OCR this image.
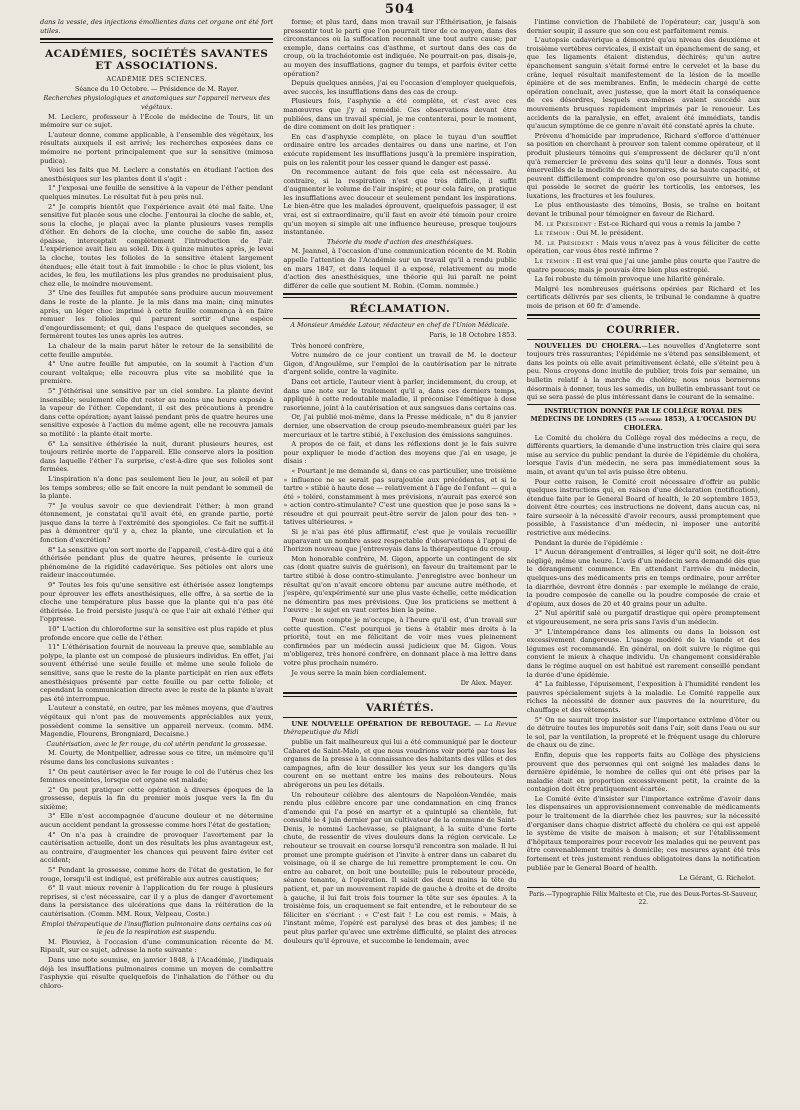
504

dans la vessie, des injections émollientes dans cet organe ont été fort utiles.

ACADÉMIES, SOCIÉTÉS SAVANTES ET ASSOCIATIONS.
ACADÉMIE DES SCIENCES.
Séance du 10 Octobre. — Présidence de M. Rayer.
Recherches physiologiques et anatomiques sur l'appareil nerveux des végétaux.

M. Leclerc, professeur à l'École de médecine de Tours, lit un mémoire sur ce sujet.

L'auteur donne, comme applicable, à l'ensemble des végétaux, les résultats auxquels il est arrivé; les recherches exposées dans ce mémoire ne portent principalement que sur la sensitive (mimosa pudica).

Voici les faits que M. Leclerc a constatés en étudiant l'action des anesthésiques sur les plantes dont il s'agit :

1° J'exposai une feuille de sensitive à la vapeur de l'éther pendant quelques minutes. Le résultat fut à peu près nul.

2° Je compris bientôt que l'expérience avait été mal faite. Une sensitive fut placée sous une cloche. J'entourai la cloche de sable, et, sous la cloche, je plaçai avec la plante plusieurs vases remplis d'éther. En dehors de la cloche, une couche de sable fin, assez épaisse, interceptait complètement l'introduction de l'air. L'expérience avait lieu au soleil. Dix à quinze minutes après, je levai la cloche, toutes les folioles de la sensitive étaient largement étendues; elle était tout à fait immobile : le choc le plus violent, les acides, le feu, les mutilations les plus grandes ne produisaient plus, chez elle, le moindre mouvement.

3° Une des feuilles fut amputée sans produire aucun mouvement dans le reste de la plante. Je la mis dans ma main; cinq minutes après, un léger choc imprimé à cette feuille commença à en faire remuer les folioles qui parurent sortir d'une espèce d'engourdissement; et qui, dans l'espace de quelques secondes, se fermèrent toutes les unes après les autres.

La chaleur de la main parut hâter le retour de la sensibilité de cette feuille amputée.

4° Une autre feuille fut amputée, on la soumit à l'action d'un courant voltaïque; elle recouvra plus vite sa mobilité que la première.

5° J'éthérisai une sensitive par un ciel sombre. La plante devint insensible; seulement elle dut rester au moins une heure exposée à la vapeur de l'éther. Cependant, il est des précautions à prendre dans cette opération; ayant laissé pendant près de quatre heures une sensitive exposée à l'action du même agent, elle ne recouvra jamais sa motilité : la plante était morte.

6° La sensitive éthérisée la nuit, durant plusieurs heures, est toujours retirée morte de l'appareil. Elle conserve alors la position dans laquelle l'éther l'a surprise, c'est-à-dire que ses folioles sont fermées.

L'inspiration n'a donc pas seulement lieu le jour, au soleil et par les temps sombres; elle se fait encore la nuit pendant le sommeil de la plante.

7° Je voulus savoir ce que deviendrait l'éther; à mon grand étonnement, je constatai qu'il avait été, en grande partie, porté jusque dans la terre à l'extrémité des spongioles. Ce fait ne suffit-il pas à démontrer qu'il y a, chez la plante, une circulation et la fonction d'excrétion?

8° La sensitive qu'on sort morte de l'appareil, c'est-à-dire qui a été éthérisée pendant plus de quatre heures, présente le curieux phénomène de la rigidité cadavérique. Ses pétioles ont alors une raideur inaccoutumée.

9° Toutes les fois qu'une sensitive est éthérisée assez longtemps pour éprouver les effets anesthésiques, elle offre, à sa sortie de la cloche une température plus basse que la plante qui n'a pas été éthérisée. Le froid persiste jusqu'à ce que l'air ait exhalé l'éther qui l'oppresse.

10° L'action du chloroforme sur la sensitive est plus rapide et plus profonde encore que celle de l'éther.

11° L'éthérisation fournit de nouveau la preuve que, semblable au polype, la plante est un composé de plusieurs individus. En effet, j'ai souvent éthérisé une seule feuille et même une seule foliole de sensitive, sans que le reste de la plante participât en rien aux effets anesthésiques présenté par cette feuille ou par cette foliole; et cependant la communication directe avec le reste de la plante n'avait pas été interrompue.

L'auteur a constaté, en outre, par les mêmes moyens, que d'autres végétaux qui n'ont pas de mouvements appréciables aux yeux, possèdent comme la sensitive un appareil nerveux. (comm. MM. Magendie, Flourens, Brongniard, Decaisne.)

Cautérisation, avec le fer rouge, du col utérin pendant la grossesse.

M. Courty, de Montpellier, adresse sous ce titre, un mémoire qu'il résume dans les conclusions suivantes :

1° On peut cautériser avec le fer rouge le col de l'utérus chez les femmes enceintes, lorsque cet organe est malade;

2° On peut pratiquer cette opération à diverses époques de la grossesse, depuis la fin du premier mois jusque vers la fin du sixième;

3° Elle n'est accompagnée d'aucune douleur et ne détermine aucun accident pendant la grossesse comme hors l'état de gestation;

4° On n'a pas à craindre de provoquer l'avortement par la cautérisation actuelle, dont un des résultats les plus avantageux est, au contraire, d'augmenter les chances qui peuvent faire éviter cet accident;

5° Pendant la grossesse, comme hors de l'état de gestation, le fer rouge, lorsqu'il est indiqué, est préférable aux autres caustiques;

6° Il vaut mieux revenir à l'application du fer rouge à plusieurs reprises, si c'est nécessaire, car il y a plus de danger d'avortement dans la persistance des ulcérations que dans la réitération de la cautérisation. (Comm. MM. Roux, Velpeau, Coste.)

Emploi thérapeutique de l'insufflation pulmonaire dans certains cas où le jeu de la respiration est suspendu.

M. Plouviez, à l'occasion d'une communication récente de M. Ripault, sur ce sujet, adresse la note suivante :

Dans une note soumise, en janvier 1848, à l'Académie, j'indiquais déjà les insufflations pulmonaires comme un moyen de combattre l'asphyxie qui résulte quelquefois de l'inhalation de l'éther ou du chloro-

forme; et plus tard, dans mon travail sur l'Éthérisation, je faisais pressentir tout le parti que l'on pourrait tirer de ce moyen, dans des circonstances où la suffocation reconnaît une tout autre cause; par exemple, dans certains cas d'asthme, et surtout dans des cas de croup, où la trachéotomie est indiquée. Ne pourrait-on pas, disais-je, au moyen des insufflations, gagner du temps, et parfois éviter cette opération?

Depuis quelques années, j'ai eu l'occasion d'employer quelquefois, avec succès, les insufflations dans des cas de croup.

Plusieurs fois, l'asphyxie a été complète, et c'est avec ces manœuvres que j'y ai remédié. Ces observations devant être publiées, dans un travail spécial, je me contenterai, pour le moment, de dire comment on doit les pratiquer :

En cas d'asphyxie complète, on place le tuyau d'un soufflet ordinaire entre les arcades dentaires ou dans une narine, et l'on exécute rapidement les insufflations jusqu'à la première inspiration, puis on les ralentit pour les cesser quand le danger est passé.

On recommence autant de fois que cela est nécessaire. Au contraire, si la respiration n'est que très difficile, il suffit d'augmenter le volume de l'air inspiré; et pour cela faire, on pratique les insufflations avec douceur et seulement pendant les inspirations. Le bien-être que les malades éprouvent, quelquefois passager, il est vrai, est si extraordinaire, qu'il faut en avoir été témoin pour croire qu'un moyen si simple ait une influence heureuse, presque toujours instantanée.

Théorie du mode d'action des anesthésiques.

M. Jeannel, à l'occasion d'une communication récente de M. Robin appelle l'attention de l'Académie sur un travail qu'il a rendu public en mars 1847, et dans lequel il a exposé, relativement au mode d'action des anesthésiques, une théorie qui lui paraît ne point différer de celle que soutient M. Robin. (Comm. nommée.)

RÉCLAMATION.
A Monsieur Amédée Latour, rédacteur en chef de l'Union Médicale.
Paris, le 18 Octobre 1853.

Très honoré confrère,

Votre numéro de ce jour contient un travail de M. le docteur Gigon, d'Angoulême, sur l'emploi de la cautérisation par le nitrate d'argent solide, contre la vaginite.

Dans cet article, l'auteur vient à parler, incidemment, du croup, et dans une note sur le traitement qu'il a, dans ces derniers temps, appliqué à cette redoutable maladie, il préconise l'émétique à dose rasorienne, joint à la cautérisation et aux sangsues dans certains cas.

Or, j'ai publié moi-même, dans la Presse médicale, n° du 8 janvier dernier, une observation de croup pseudo-membraneux guéri par les mercuriaux et le tartre stibié, à l'exclusion des émissions sanguines.

A propos de ce fait, et dans les réflexions dont je le fais suivre pour expliquer le mode d'action des moyens que j'ai en usage, je disais :

« Pourtant je me demande si, dans ce cas particulier, une troisième » influence ne se serait pas surajoutée aux précédentes, et si le tartre » stibié à haute dose — relativement à l'âge de l'enfant — qui a été » toléré, constamment à mes prévisions, n'aurait pas exercé son » action contro-stimulante? C'est une question que je pose sans la » résoudre et qui pourrait peut-être servir de jalon pour des ten- » tatives ultérieures. »

Si je n'ai pas été plus affirmatif, c'est que je voulais recueillir auparavant un nombre assez respectable d'observations à l'appui de l'horizon nouveau que j'entrevoyais dans la thérapeutique du croup.

Mon honorable confrère, M. Gigon, apporte un contingent de six cas (dont quatre suivis de guérison), en faveur du traitement par le tartre stibié à dose contro-stimulante. J'enregistre avec bonheur un résultat qu'on n'avait encore obtenu par aucune autre méthode, et j'espère, qu'expérimenté sur une plus vaste échelle, cette médication ne démentira pas mes prévisions. Que les praticiens se mettent à l'œuvre : le sujet en vaut certes bien la peine.

Pour mon compte je m'occupe, à l'heure qu'il est, d'un travail sur cette question. C'est pourquoi je tiens à établir mes droits à la priorité, tout en me félicitant de voir mes vues pleinement confirmées par un médecin aussi judicieux que M. Gigon. Vous m'obligerez, très honoré confrère, en donnant place à ma lettre dans votre plus prochain numéro.

Je vous serre la main bien cordialement.

Dr Alex. Mayer.
VARIÉTÉS.

UNE NOUVELLE OPÉRATION DE REBOUTAGE. — La Revue thérapeutique du Midi

publie un fait malheureux qui lui a été communiqué par le docteur Cabaret de Saint-Malo, et que nous voudrions voir porté par tous les organes de la presse à la connaissance des habitants des villes et des campagnes, afin de leur dessiller les yeux sur les dangers qu'ils courent en se mettant entre les mains des rebouteurs. Nous abrégerons un peu les détails.

Un rebouteur célèbre des alentours de Napoléon-Vendée, mais rendu plus célèbre encore par une condamnation en cinq francs d'amende qui l'a posé en martyr et a quintuplé sa clientèle, fut consulté le 4 juin dernier par un cultivateur de la commune de Saint-Denis, le nommé Lachevasse, se plaignant, à la suite d'une forte chute, de ressentir de vives douleurs dans la région cervicale. Le rebouteur se trouvait en course lorsqu'il rencontra son malade. Il lui promet une prompte guérison et l'invite à entrer dans un cabaret du voisinage, où il se charge de lui remettre promptement le cou. On entre au cabaret, on boit une bouteille; puis le rebouteur procède, séance tenante, à l'opération. Il saisit des deux mains la tête du patient, et, par un mouvement rapide de gauche à droite et de droite à gauche, il lui fait trois fois tourner la tête sur ses épaules. A la troisième fois, un craquement se fait entendre, et le rebouteur de se féliciter en s'écriant : « C'est fait ! Le cou est remis. » Mais, à l'instant même, l'opéré est paralysé des bras et des jambes; il ne peut plus parler qu'avec une extrême difficulté, se plaint des atroces douleurs qu'il éprouve, et succombe le lendemain, avec

l'intime conviction de l'habileté de l'opérateur; car, jusqu'à son dernier soupir, il assure que son cou est parfaitement remis.

L'autopsie cadavérique a démontré qu'au niveau des deuxième et troisième vertèbres cervicales, il existait un épanchement de sang, et que les ligaments étaient distendus, déchirés; qu'un autre épanchement sanguin s'était formé entre le cervelet et la base du crâne, lequel résultait manifestement de la lésion de la moelle épinière et de ses membranes. Enfin, le médecin chargé de cette opération concluait, avec justesse, que la mort était la conséquence de ces désordres, lesquels eux-mêmes avaient succédé aux mouvements brusques rapidement imprimés par le renoueur. Les accidents de la paralysie, en effet, avaient été immédiats, tandis qu'aucun symptôme de ce genre n'avait été constaté après la chute.

Prévenu d'homicide par imprudence, Richard s'efforce d'atténuer sa position en cherchant à prouver son talent comme opérateur, et il produit plusieurs témoins qui s'empressent de déclarer qu'il n'ont qu'à remercier le prévenu des soins qu'il leur a donnés. Tous sont émerveillés de la modicité de ses honoraires, de sa haute capacité, et peuvent difficilement comprendre qu'on ose poursuivre un homme qui possède le secret de guérir les torticolis, les entorses, les luxations, les fractures et les foulures.

Le plus enthousiaste des témoins, Bosis, se traîne en boitant devant le tribunal pour témoigner en faveur de Richard.

M. le Président : Est-ce Richard qui vous a remis la jambe ?

Le témoin : Oui M. le président.

M. le Président : Mais vous n'avez pas à vous féliciter de cette opération, car vous êtes resté infirme ?

Le témoin : Il est vrai que j'ai une jambe plus courte que l'autre de quatre pouces; mais je pouvais être bien plus estropié.

La foi robuste du témoin provoque une hilarité générale.

Malgré les nombreuses guérisons opérées par Richard et les certificats délivrés par ses clients, le tribunal le condamne à quatre mois de prison et 60 fr. d'amende.

COURRIER.

NOUVELLES DU CHOLÉRA.—Les nouvelles d'Angleterre sont toujours très rassurantes; l'épidémie ne s'étend pas sensiblement, et dans les points où elle avait primitivement éclaté, elle s'éteint peu à peu. Nous croyons donc inutile de publier, trois fois par semaine, un bulletin relatif à la marche du choléra; nous nous bornerons désormais à donner, tous les samedis, un bulletin embrassant tout ce qui se sera passé de plus intéressant dans le courant de la semaine.

INSTRUCTION DONNÉE PAR LE COLLÈGE ROYAL DES MÉDECINS DE LONDRES (15 octobre 1853), A L'OCCASION DU CHOLÉRA.

Le Comité du choléra du Collège royal des médecins a reçu, de différents quartiers, la demande d'une instruction très claire qui sera mise au service du public pendant la durée de l'épidémie du choléra, lorsque l'avis d'un médecin, ne sera pas immédiatement sous la main, et avant qu'un tel avis puisse être obtenu.

Pour cette raison, le Comité croit nécessaire d'offrir au public quelques instructions qui, en raison d'une déclaration (notification), étendue faite par le General Board of health, le 20 septembre 1853, doivent être courtes; ces instructions ne doivent, dans aucun cas, ni faire surseoir à la nécessité d'avoir recours, aussi promptement que possible, à l'assistance d'un médecin, ni imposer une autorité restrictive aux médecins.

Pendant la durée de l'épidémie :

1° Aucun dérangement d'entrailles, si léger qu'il soit, ne doit-être négligé, même une heure. L'avis d'un médecin sera demandé dès que le dérangement commence. En attendant l'arrivée du médecin, quelques-uns des médicaments pris en temps ordinaire, pour arrêter la diarrhée, devront être donnés : par exemple le mélange de craie, la poudre composée de canelle ou la poudre composée de craie et d'opium, aux doses de 20 et 40 grains pour un adulte.

2° Nul apéritif salé ou purgatif drastique qui opère promptement et vigoureusement, ne sera pris sans l'avis d'un médecin.

3° L'intempérance dans les aliments ou dans la boisson est excessivement dangereuse. L'usage modéré de la viande et des légumes est recommandé. En général, on doit suivre le régime qui convient le mieux à chaque individu. Un changement considérable dans le régime auquel on est habitué est rarement conseillé pendant la durée d'une épidémie.

4° La faiblesse, l'épuisement, l'exposition à l'humidité rendent les pauvres spécialement sujets à la maladie. Le Comité rappelle aux riches la nécessité de donner aux pauvres de la nourriture, du chauffage et des vêtements.

5° On ne saurait trop insister sur l'importance extrême d'ôter ou de détruire toutes les impuretés soit dans l'air, soit dans l'eau ou sur le sol, par la ventilation, la propreté et le fréquent usage du chlorure de chaux ou de zinc.

Enfin, depuis que les rapports faits au Collège des physiciens prouvent que des personnes qui ont soigné les malades dans le dernière épidémie, le nombre de celles qui ont été prises par la maladie était en proportion excessivement petit, la crainte de la contagion doit être pratiquement écartée.

Le Comité évite d'insister sur l'importance extrême d'avoir dans les dispensaires un approvisionnement convenable de médicaments pour le traitement de la diarrhée chez les pauvres; sur la nécessité d'organiser dans chaque district affecté du choléra ce qui est appelé le système de visite de maison à maison; et sur l'établissement d'hôpitaux temporaires pour recevoir les malades qui ne peuvent pas être convenablement traités à domicile; ces mesures ayant été très fortement et très justement rendues obligatoires dans la notification publiée par le General Board of health.

Le Gérant, G. Richelot.
Paris.—Typographie Félix Malteste et Cie, rue des Deux-Portes-St-Sauveur, 22.
